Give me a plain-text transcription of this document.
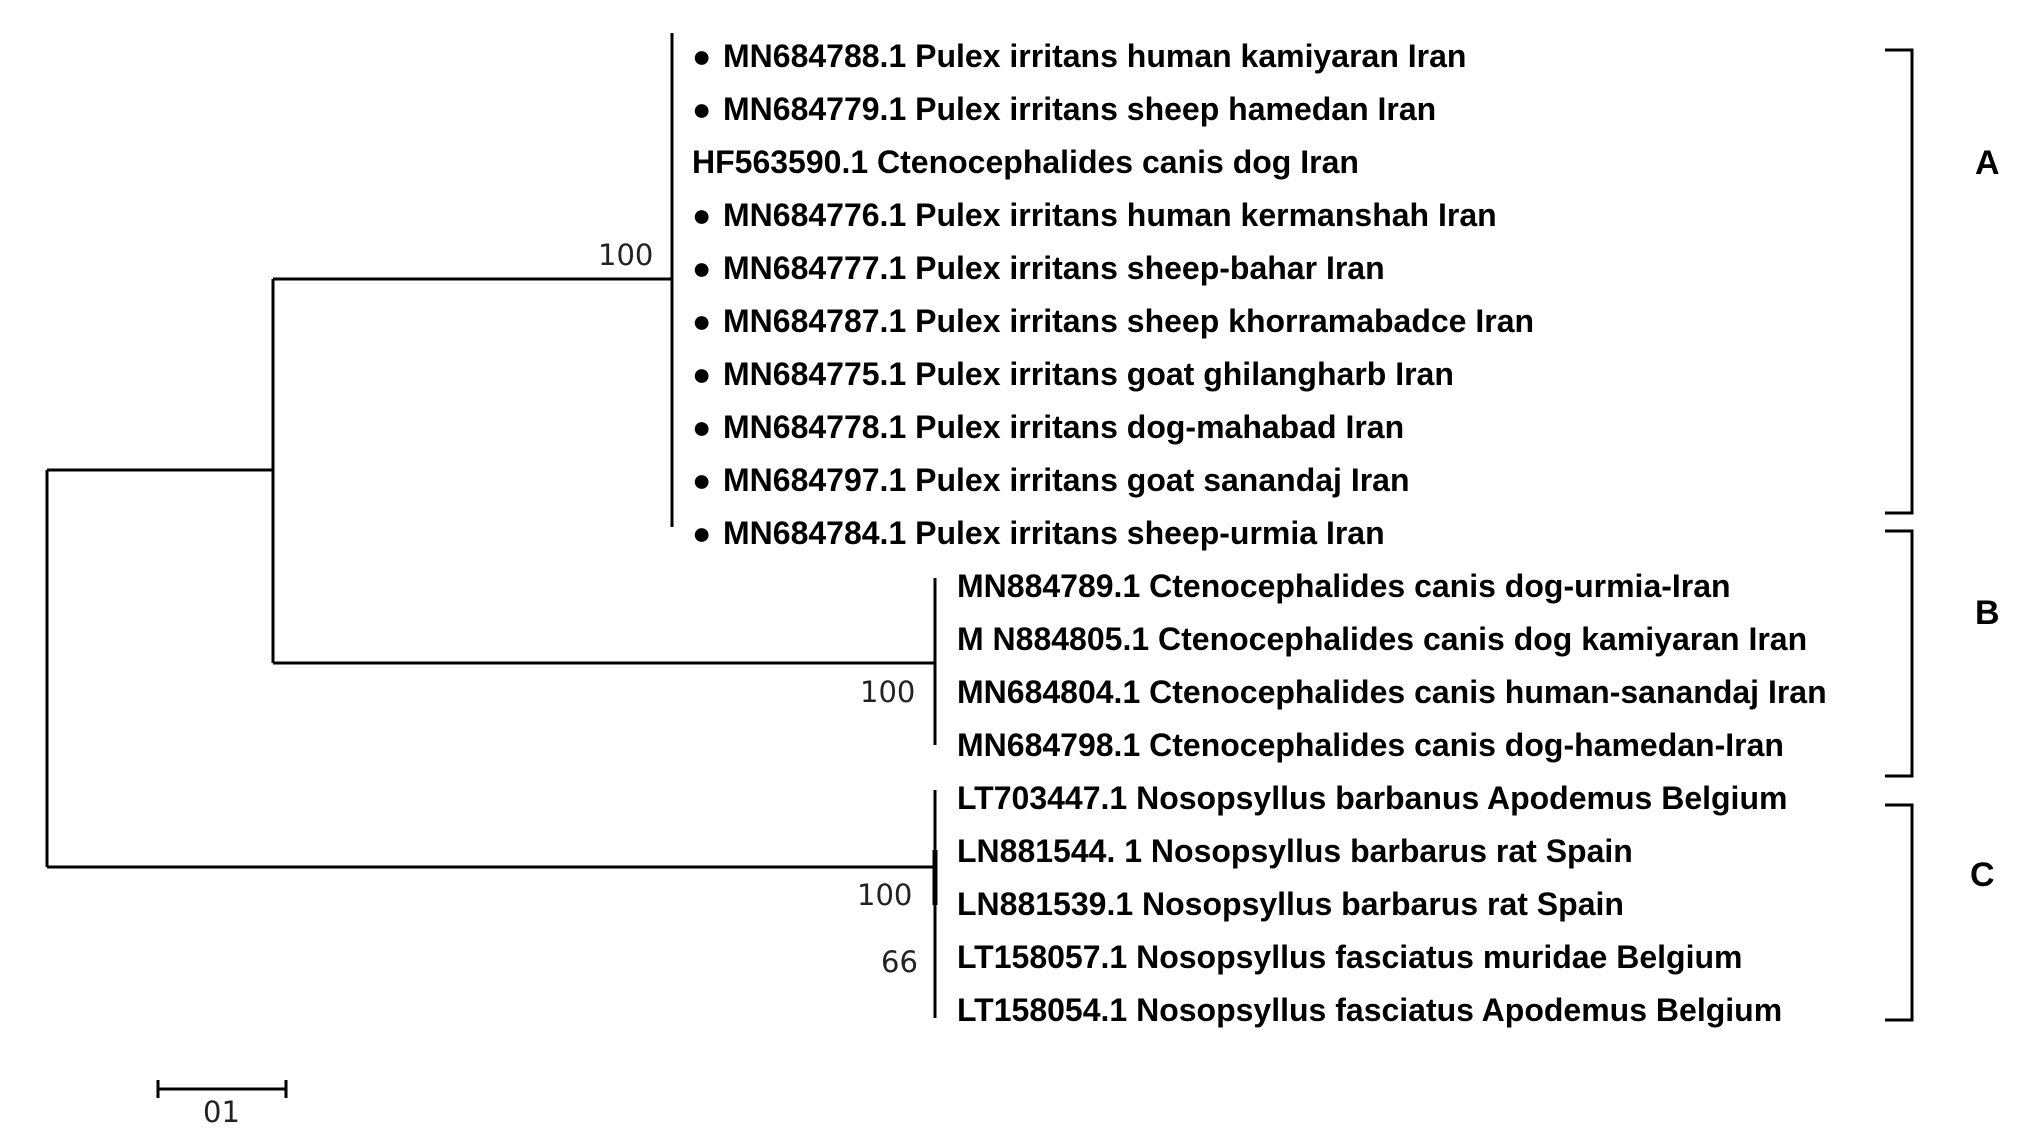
● MN684788.1 Pulex irritans human kamiyaran Iran
● MN684779.1 Pulex irritans sheep hamedan Iran
HF563590.1 Ctenocephalides canis dog Iran
● MN684776.1 Pulex irritans human kermanshah Iran
● MN684777.1 Pulex irritans sheep-bahar Iran
● MN684787.1 Pulex irritans sheep khorramabadce Iran
● MN684775.1 Pulex irritans goat ghilangharb Iran
● MN684778.1 Pulex irritans dog-mahabad Iran
● MN684797.1 Pulex irritans goat sanandaj Iran
● MN684784.1 Pulex irritans sheep-urmia Iran
MN884789.1 Ctenocephalides canis dog-urmia-Iran
M N884805.1 Ctenocephalides canis dog kamiyaran Iran
MN684804.1 Ctenocephalides canis human-sanandaj Iran
MN684798.1 Ctenocephalides canis dog-hamedan-Iran
LT703447.1 Nosopsyllus barbanus Apodemus Belgium
LN881544. 1 Nosopsyllus barbarus rat Spain
LN881539.1 Nosopsyllus barbarus rat Spain
LT158057.1 Nosopsyllus fasciatus muridae Belgium
LT158054.1 Nosopsyllus fasciatus Apodemus Belgium
100
100
100
66
A
B
C
01
